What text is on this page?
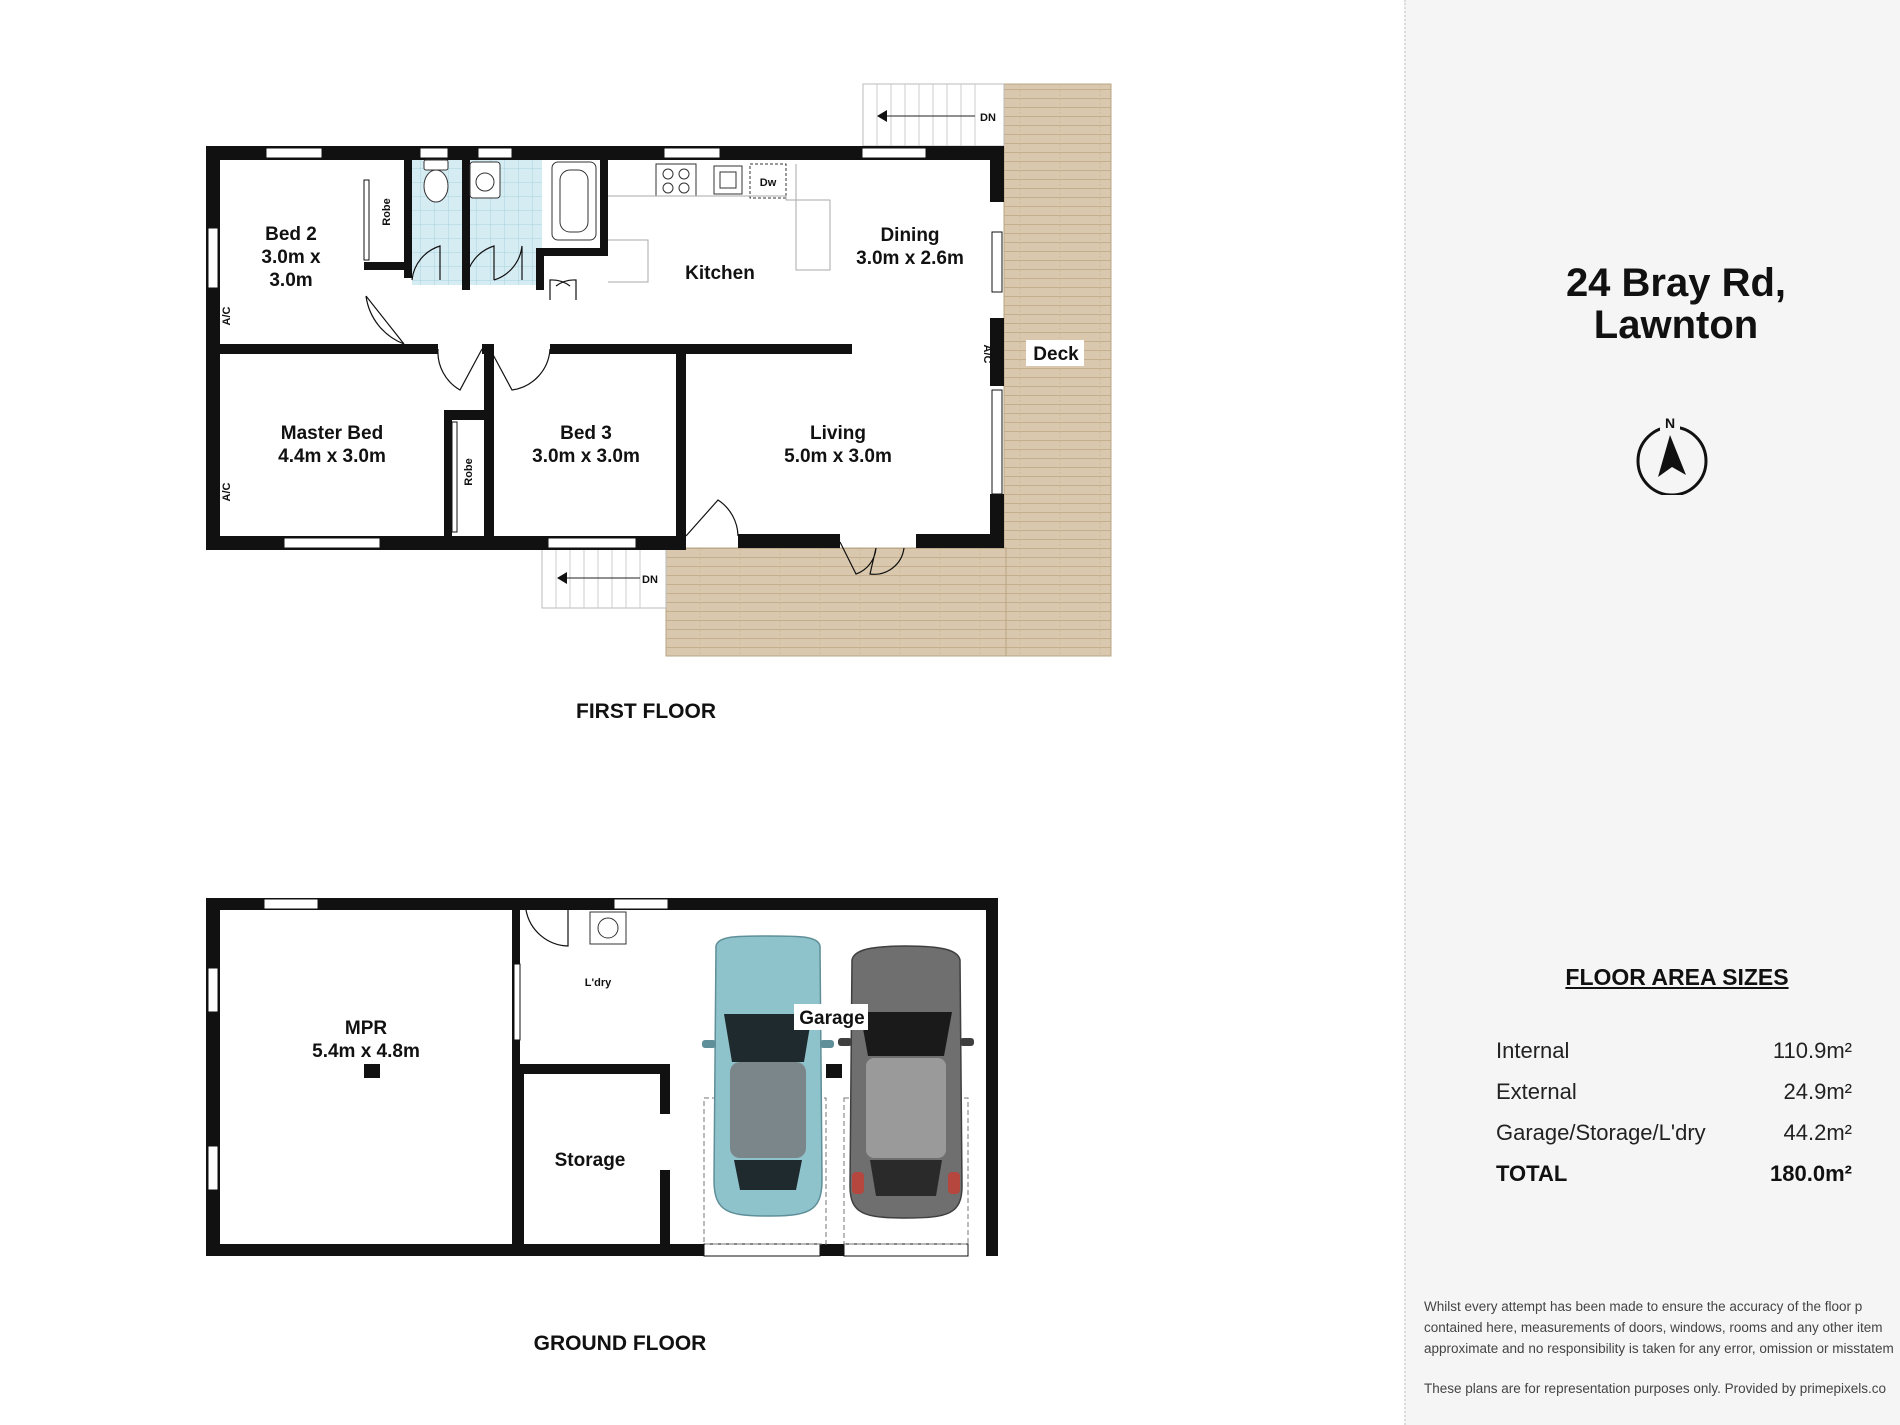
Bed 2
3.0m x
3.0m	Kitchen
Dining
3.0m x 2.6m
Deck
Master Bed
4.4m x 3.0m
Bed 3
3.0m x 3.0m
Living
5.0m x 3.0m
Robe
Robe
A/C
A/C
A/C
Dw
DN
DN
FIRST FLOOR
MPR
5.4m x 4.8m
L'dry
Garage
Storage
GROUND FLOOR
24 Bray Rd,
Lawnton
N
FLOOR AREA SIZES
Internal	110.9m²
External	24.9m²
Garage/Storage/L'dry	44.2m²
TOTAL	180.0m²
Whilst every attempt has been made to ensure the accuracy of the floor p
contained here, measurements of doors, windows, rooms and any other item
approximate and no responsibility is taken for any error, omission or misstatem
These plans are for representation purposes only. Provided by primepixels.co
